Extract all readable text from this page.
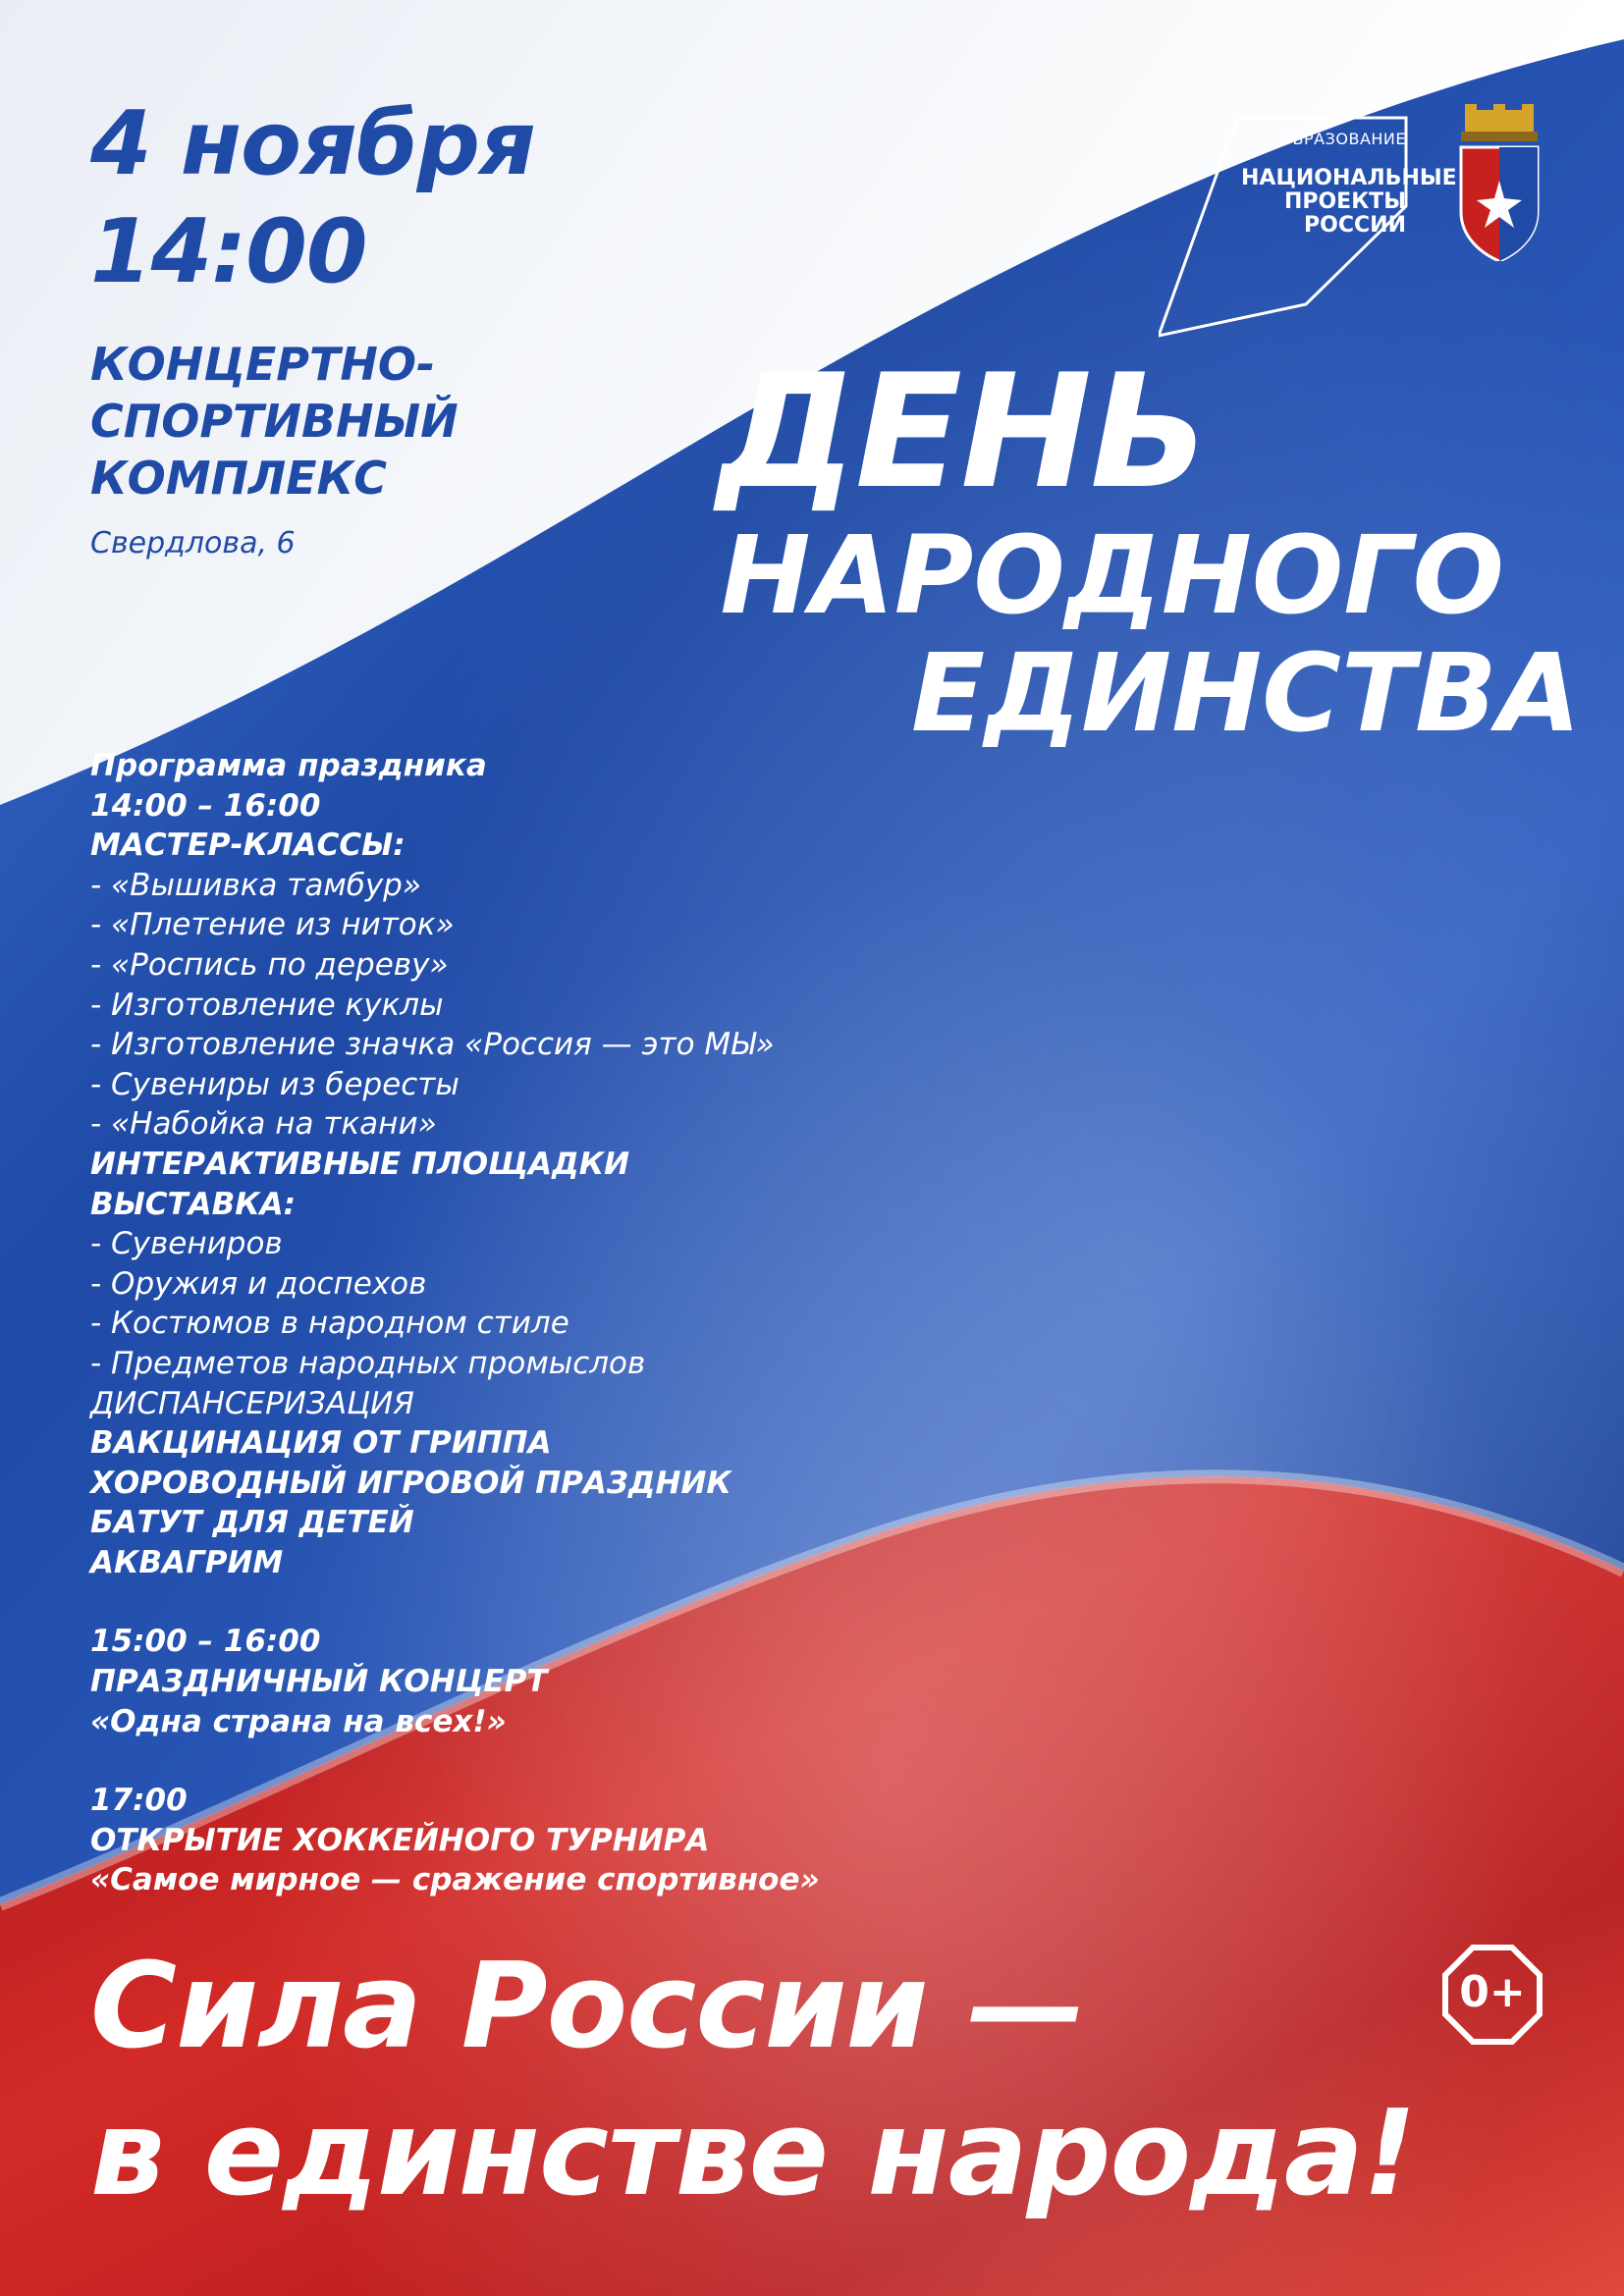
4 ноября
14:00
КОНЦЕРТНО-
СПОРТИВНЫЙ
КОМПЛЕКС
Свердлова, 6
ОБРАЗОВАНИЕ
НАЦИОНАЛЬНЫЕ
ПРОЕКТЫ
РОССИИ
ДЕНЬ
НАРОДНОГО
ЕДИНСТВА
Программа праздника
14:00 – 16:00
МАСТЕР-КЛАССЫ:
- «Вышивка тамбур»
- «Плетение из ниток»
- «Роспись по дереву»
- Изготовление куклы
- Изготовление значка «Россия — это МЫ»
- Сувениры из бересты
- «Набойка на ткани»
ИНТЕРАКТИВНЫЕ ПЛОЩАДКИ
ВЫСТАВКА:
- Сувениров
- Оружия и доспехов
- Костюмов в народном стиле
- Предметов народных промыслов
ДИСПАНСЕРИЗАЦИЯ
ВАКЦИНАЦИЯ ОТ ГРИППА
ХОРОВОДНЫЙ ИГРОВОЙ ПРАЗДНИК
БАТУТ ДЛЯ ДЕТЕЙ
АКВАГРИМ
15:00 – 16:00
ПРАЗДНИЧНЫЙ КОНЦЕРТ
«Одна страна на всех!»
17:00
ОТКРЫТИЕ ХОККЕЙНОГО ТУРНИРА
«Самое мирное — сражение спортивное»
Сила России —
в единстве народа!
0+
